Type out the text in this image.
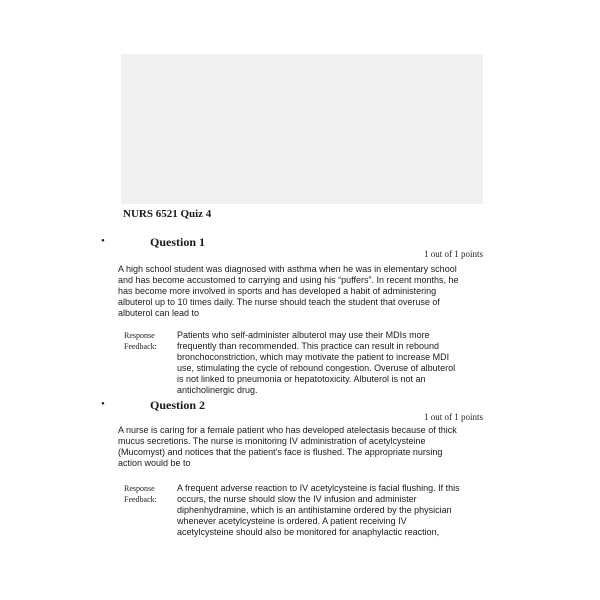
NURS 6521 Quiz 4
•	Question 1
1 out of 1 points

A high school student was diagnosed with asthma when he was in elementary school and has become accustomed to carrying and using his “puffers”. In recent months, he has become more involved in sports and has developed a habit of administering albuterol up to 10 times daily. The nurse should teach the student that overuse of albuterol can lead to

Response Feedback:

Patients who self-administer albuterol may use their MDIs more frequently than recommended. This practice can result in rebound bronchoconstriction, which may motivate the patient to increase MDI use, stimulating the cycle of rebound congestion. Overuse of albuterol is not linked to pneumonia or hepatotoxicity. Albuterol is not an anticholinergic drug.

•	Question 2
1 out of 1 points

A nurse is caring for a female patient who has developed atelectasis because of thick mucus secretions. The nurse is monitoring IV administration of acetylcysteine (Mucomyst) and notices that the patient’s face is flushed. The appropriate nursing action would be to

Response Feedback:

A frequent adverse reaction to IV acetylcysteine is facial flushing. If this occurs, the nurse should slow the IV infusion and administer diphenhydramine, which is an antihistamine ordered by the physician whenever acetylcysteine is ordered. A patient receiving IV acetylcysteine should also be monitored for anaphylactic reaction,
